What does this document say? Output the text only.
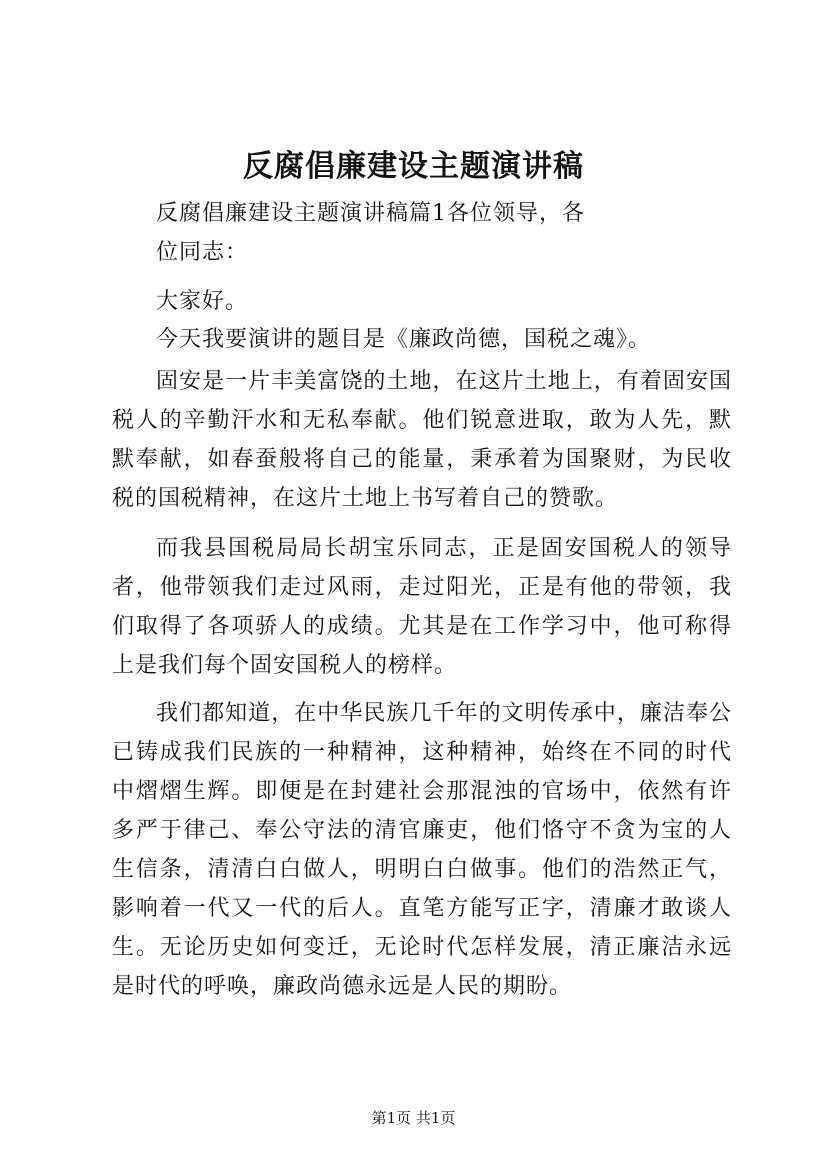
反腐倡廉建设主题演讲稿

反腐倡廉建设主题演讲稿篇1各位领导，各位同志：

大家好。

今天我要演讲的题目是《廉政尚德，国税之魂》。

固安是一片丰美富饶的土地，在这片土地上，有着固安国税人的辛勤汗水和无私奉献。他们锐意进取，敢为人先，默默奉献，如春蚕般将自己的能量，秉承着为国聚财，为民收税的国税精神，在这片土地上书写着自己的赞歌。

而我县国税局局长胡宝乐同志，正是固安国税人的领导者，他带领我们走过风雨，走过阳光，正是有他的带领，我们取得了各项骄人的成绩。尤其是在工作学习中，他可称得上是我们每个固安国税人的榜样。

我们都知道，在中华民族几千年的文明传承中，廉洁奉公已铸成我们民族的一种精神，这种精神，始终在不同的时代中熠熠生辉。即便是在封建社会那混浊的官场中，依然有许多严于律己、奉公守法的清官廉吏，他们恪守不贪为宝的人生信条，清清白白做人，明明白白做事。他们的浩然正气，影响着一代又一代的后人。直笔方能写正字，清廉才敢谈人生。无论历史如何变迁，无论时代怎样发展，清正廉洁永远是时代的呼唤，廉政尚德永远是人民的期盼。

第1页 共1页
